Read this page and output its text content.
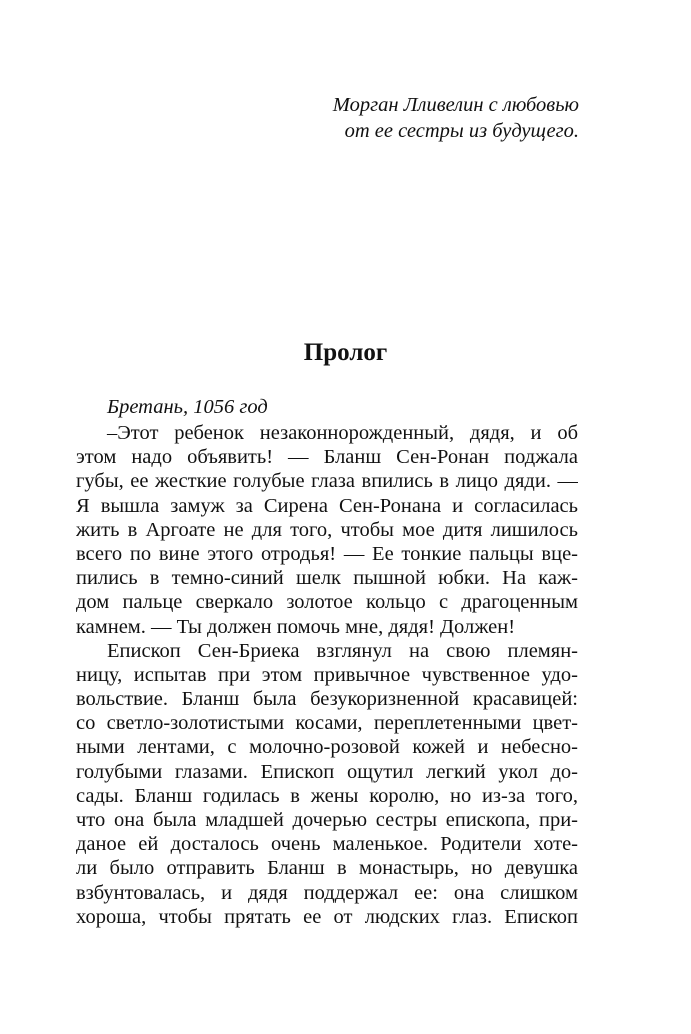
Морган Лливелин с любовью
от ее сестры из будущего.
Пролог
Бретань, 1056 год
–Этот ребенок незаконнорожденный, дядя, и об
этом надо объявить! — Бланш Сен-Ронан поджала
губы, ее жесткие голубые глаза впились в лицо дяди. —
Я вышла замуж за Сирена Сен-Ронана и согласилась
жить в Аргоате не для того, чтобы мое дитя лишилось
всего по вине этого отродья! — Ее тонкие пальцы вце-
пились в темно-синий шелк пышной юбки. На каж-
дом пальце сверкало золотое кольцо с драгоценным
камнем. — Ты должен помочь мне, дядя! Должен!
Епископ Сен-Бриека взглянул на свою племян-
ницу, испытав при этом привычное чувственное удо-
вольствие. Бланш была безукоризненной красавицей:
со светло-золотистыми косами, переплетенными цвет-
ными лентами, с молочно-розовой кожей и небесно-
голубыми глазами. Епископ ощутил легкий укол до-
сады. Бланш годилась в жены королю, но из-за того,
что она была младшей дочерью сестры епископа, при-
даное ей досталось очень маленькое. Родители хоте-
ли было отправить Бланш в монастырь, но девушка
взбунтовалась, и дядя поддержал ее: она слишком
хороша, чтобы прятать ее от людских глаз. Епископ
